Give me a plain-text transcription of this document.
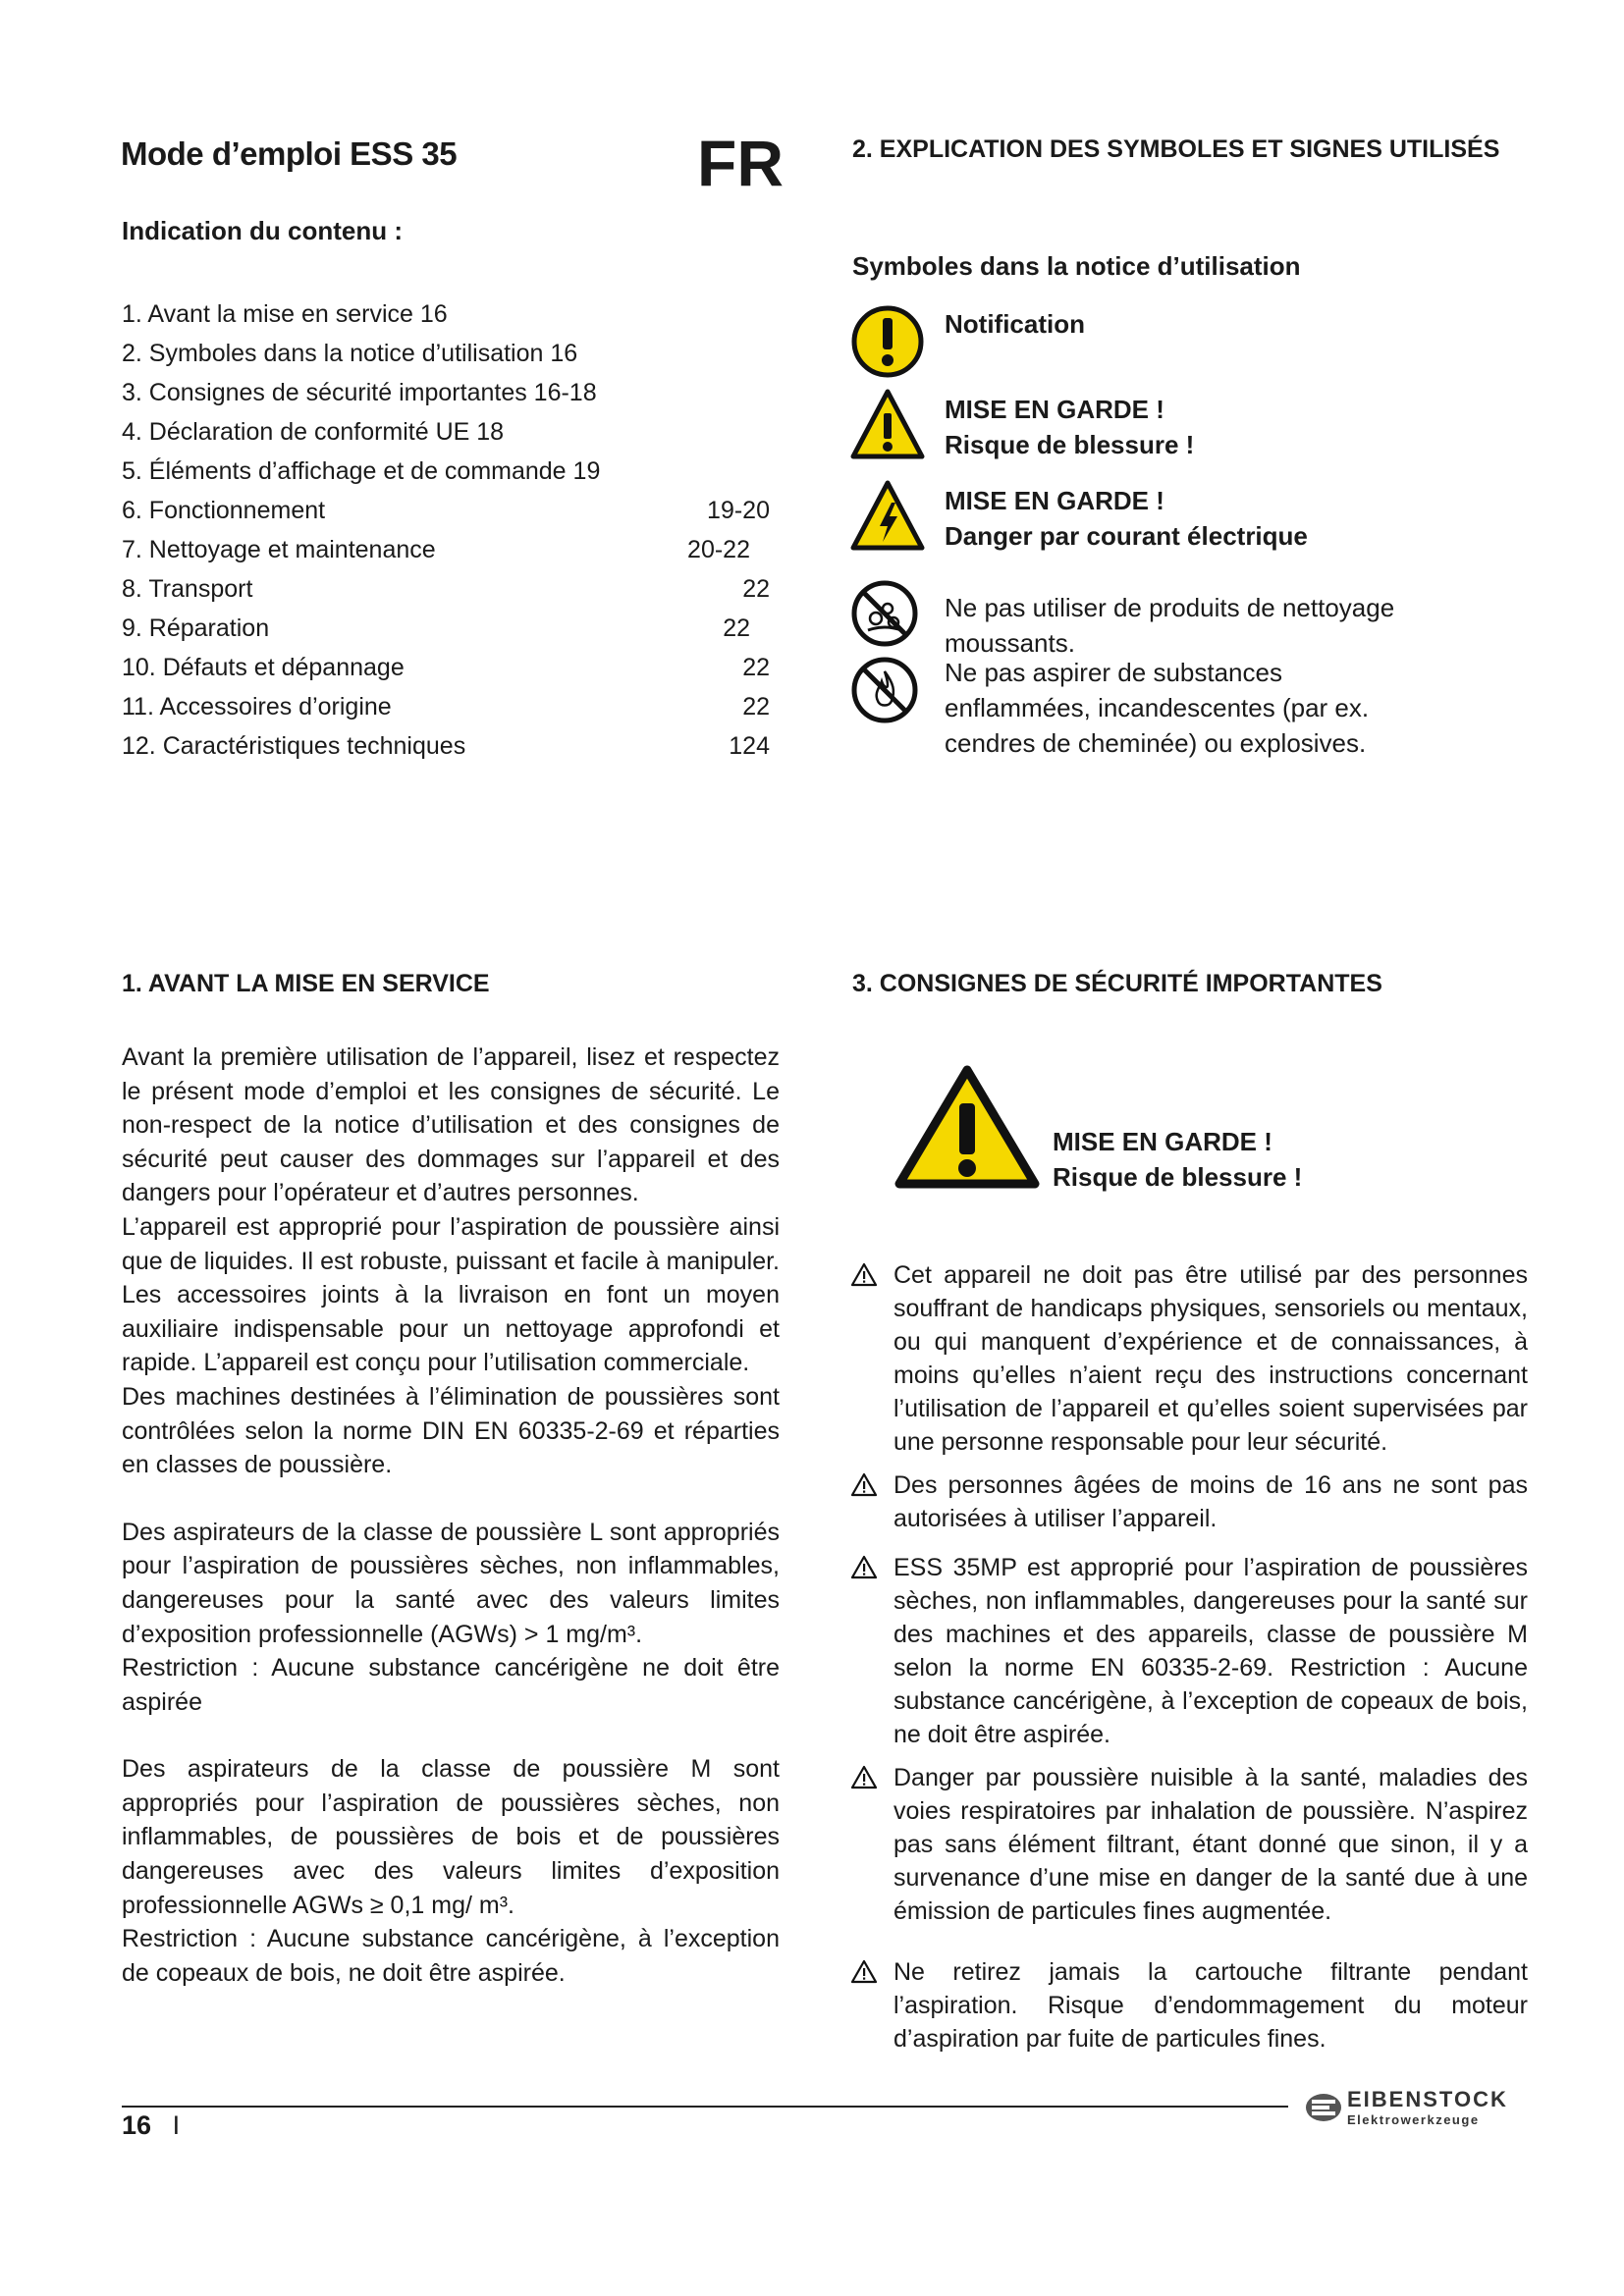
Mode d’emploi ESS 35	FR
Indication du contenu :
1. Avant la mise en service 16
2. Symboles dans la notice d’utilisation 16
3. Consignes de sécurité importantes 16-18
4. Déclaration de conformité UE 18
5. Éléments d’affichage et de commande 19
6. Fonctionnement	19-20
7. Nettoyage et maintenance	20-22
8. Transport	22
9. Réparation	22
10. Défauts et dépannage	22
11. Accessoires d’origine	22
12. Caractéristiques techniques	124
2. EXPLICATION DES SYMBOLES ET SIGNES UTILISÉS
Symboles dans la notice d’utilisation
Notification
MISE EN GARDE !
Risque de blessure !
MISE EN GARDE !
Danger par courant électrique
Ne pas utiliser de produits de nettoyage moussants.
Ne pas aspirer de substances enflammées, incandescentes (par ex. cendres de cheminée) ou explosives.
1. AVANT LA MISE EN SERVICE

Avant la première utilisation de l’appareil, lisez et respectez le présent mode d’emploi et les consignes de sécurité. Le non-respect de la notice d’utilisation et des consignes de sécurité peut causer des dommages sur l’appareil et des dangers pour l’opérateur et d’autres personnes.

L’appareil est approprié pour l’aspiration de poussière ainsi que de liquides. Il est robuste, puissant et facile à manipuler. Les accessoires joints à la livraison en font un moyen auxiliaire indispensable pour un nettoyage approfondi et rapide. L’appareil est conçu pour l’utilisation commerciale.

Des machines destinées à l’élimination de poussières sont contrôlées selon la norme DIN EN 60335-2-69 et réparties en classes de poussière.

Des aspirateurs de la classe de poussière L sont appropriés pour l’aspiration de poussières sèches, non inflammables, dangereuses pour la santé avec des valeurs limites d’exposition professionnelle (AGWs) > 1 mg/m³.

Restriction : Aucune substance cancérigène ne doit être aspirée

Des aspirateurs de la classe de poussière M sont appropriés pour l’aspiration de poussières sèches, non inflammables, de poussières de bois et de poussières dangereuses avec des valeurs limites d’exposition professionnelle AGWs ≥ 0,1 mg/ m³.

Restriction : Aucune substance cancérigène, à l’exception de copeaux de bois, ne doit être aspirée.

3. CONSIGNES DE SÉCURITÉ IMPORTANTES
MISE EN GARDE !
Risque de blessure !
Cet appareil ne doit pas être utilisé par des personnes souffrant de handicaps physiques, sensoriels ou mentaux, ou qui manquent d’expérience et de connaissances, à moins qu’elles n’aient reçu des instructions concernant l’utilisation de l’appareil et qu’elles soient supervisées par une personne responsable pour leur sécurité.
Des personnes âgées de moins de 16 ans ne sont pas autorisées à utiliser l’appareil.
ESS 35MP est approprié pour l’aspiration de poussières sèches, non inflammables, dangereuses pour la santé sur des machines et des appareils, classe de poussière M selon la norme EN 60335-2-69. Restriction : Aucune substance cancérigène, à l’exception de copeaux de bois, ne doit être aspirée.
Danger par poussière nuisible à la santé, maladies des voies respiratoires par inhalation de poussière. N’aspirez pas sans élément filtrant, étant donné que sinon, il y a survenance d’une mise en danger de la santé due à une émission de particules fines augmentée.
Ne retirez jamais la cartouche filtrante pendant l’aspiration. Risque d’endommagement du moteur d’aspiration par fuite de particules fines.
16 I
EIBENSTOCK
Elektrowerkzeuge
